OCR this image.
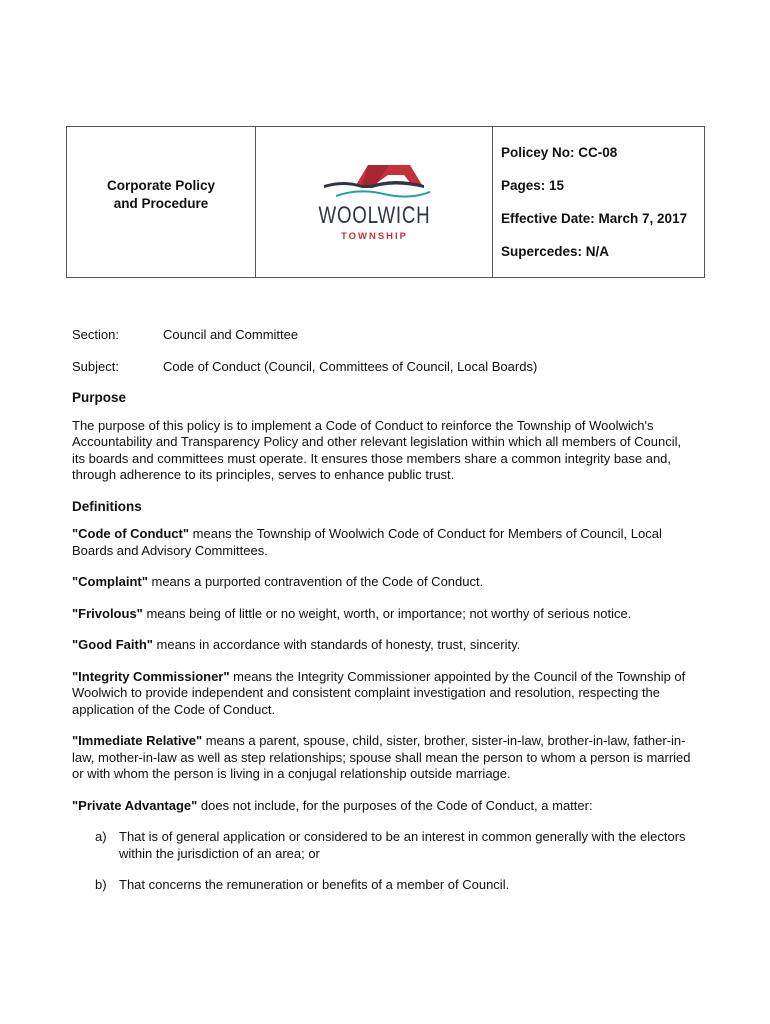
Corporate Policy and Procedure	WOOLWICH
TOWNSHIP
Policey No: CC-08
Pages: 15
Effective Date: March 7, 2017
Supercedes: N/A
Section:	Council and Committee
Subject:	Code of Conduct (Council, Committees of Council, Local Boards)
Purpose

The purpose of this policy is to implement a Code of Conduct to reinforce the Township of Woolwich's Accountability and Transparency Policy and other relevant legislation within which all members of Council, its boards and committees must operate. It ensures those members share a common integrity base and, through adherence to its principles, serves to enhance public trust.

Definitions

"Code of Conduct" means the Township of Woolwich Code of Conduct for Members of Council, Local Boards and Advisory Committees.

"Complaint" means a purported contravention of the Code of Conduct.

"Frivolous" means being of little or no weight, worth, or importance; not worthy of serious notice.

"Good Faith" means in accordance with standards of honesty, trust, sincerity.

"Integrity Commissioner" means the Integrity Commissioner appointed by the Council of the Township of Woolwich to provide independent and consistent complaint investigation and resolution, respecting the application of the Code of Conduct.

"Immediate Relative" means a parent, spouse, child, sister, brother, sister-in-law, brother-in-law, father-in-law, mother-in-law as well as step relationships; spouse shall mean the person to whom a person is married or with whom the person is living in a conjugal relationship outside marriage.

"Private Advantage" does not include, for the purposes of the Code of Conduct, a matter:

a) That is of general application or considered to be an interest in common generally with the electors within the jurisdiction of an area; or
b) That concerns the remuneration or benefits of a member of Council.
